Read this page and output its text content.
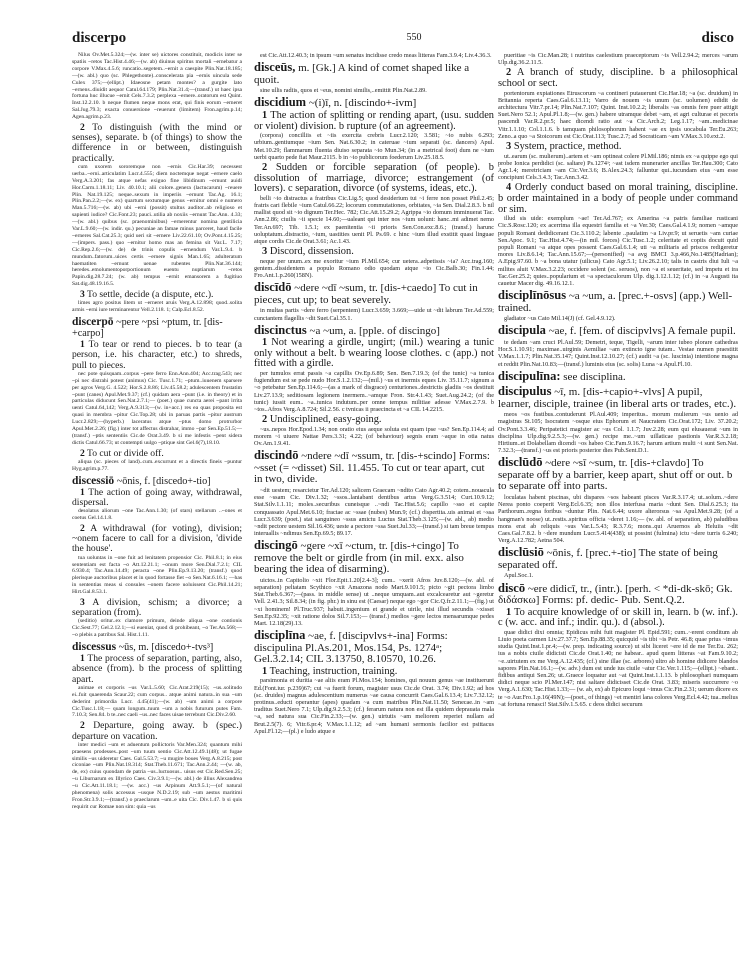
discerpo	550	disco

Nilus Ov.Met.5.324;—(w. inter se) uictores constituit, modicis inter se spatiis ~retos Tac.Hist.4.46;—(w. ab) diuinus spiritus mortali ~ernebatur a corpore V.Max.4.5.6; runcatio..segetem..~ernit a caespite Plin.Nat.18.185; —(w. abl.) quo (sc. Phlegethonte)..conscelerata pia ~ernis uincula sede Culex 375;—(ellipt.) Idaeosne petam montes? a gurgite lato ~ernens..diuidit aequor Catul.64.179; Plin.Nat.31.4;—(transf.) ut haec ipsa fortuna huc illucue ~ernit Cels.7.3.2; perplexa ~ernere..oratorum est Quint. Inst.12.2.10. b neque flumen neque mons erat, qui finis eorum ~erneret Sal.Jug.79.3; exacta conuersione ~reuerunt (limitem) Fron.agrim.p.14; Agen.agrim.p.23.

2 To distinguish (with the mind or senses), separate. b (of things) to show the difference in or between, distinguish practically.

cum uxorem sororemque non ~ernis Cic.Har.39; necessest uerba..~erni..articulatim Lucr.4.555; diem noctemque negat ~ernere caelo Verg.A.3.201; fas atque nefas exiguo fine libidinum ~ernunt auidi Hor.Carm.1.18.11; Liv. 40.10.1; alii colore..genera (lactucarum) ~reuere Plin. Nat.19.125; neque..sexum in imperiis ~ernunt Tac.Ag. 16.1; Plin.Pan.2.2;—(w. ex) quartum sextumque genus ~ernitur omni e numero Man.5.716;—(w. ab) ubi ~erni (possit) stultus auditor..ab religioso et sapienti iudice? Cic.Font.23; pauci..utilia ab noxiis ~ernunt Tac.Ann. 4.33;—(w. abl.) quibus (sc. praenominibus) ~ernerentur nomina gentilicia Var.L.9.60;—(w. indir. qu.) pecuniae an famae minus parceret, haud facile ~erneres Sal.Cat.25.3; quid ueri sit ~ernere Liv.22.61.10; Ov.Pont.4.15.25;—(impers. pass.) quo ~ernitur homo mas an femina sit Var.L. 7.17; Cic.Rep.2.6;—(w. de) de trinis copulis ~ernendum Var.L.9.4. b mundum..fatorum..uices certis ~ernere signis Man.1.65; adulteratum haematiten ~ernunt uenae rubentes Plin.Nat.36.144; heredes..emolumentoporportionum euentu nuptiarum ~retos Papin.dig.28.7.24; (w. ab) tempus ~ernit emansorem a fugitiuo Sat.dig.48.19.16.5.

3 To settle, decide (a dispute, etc.).

limes agro positus litem ut ~erneret aruis Verg.A.12.898; quod..solita armis ~erni iure terminarentur Vell.2.118. 1; Calp.Ecl.8.52.

discerpō ~pere ~psi ~ptum, tr. [dis-+carpo]

1 To tear or rend to pieces. b to tear (a person, i.e. his character, etc.) to shreds, pull to pieces.

nec pote quisquam..corpus ~pere ferro Enn.Ann.404; Acc.trag.543; nec ~pi nec distrahi potest (animus) Cic. Tusc.1.71; ~ptum..iuuenem sparsere per agros Verg.G. 4.522; Hor.S.2.8.86; Liv.45.58.2; adulescentem frustatim ~punt (canes) Apul.Met.9.37; (cf.) quidam aera ~punt (i.e. in theory) et in particulas diducunt Sen.Nat.2.7.1;— (poet.) quae cuncta aerei ~pant irrita uenti Catul.64,142; Verg.A.9.313;—(w. in+acc.) res ea quas proposita est quasi in membra ~pitur Cic.Top.28; ubi in paruas partis ~pitur austrum Lucr.2.829;—(hyperb.) laceratus atque ~ptus domo protrurbor Apul.Met.2.26; (fig.) inter tot affectus distrahar, immo ~par Sen.Ep.51.5;—(transf.) ~ptis sententiis Cic.de Orat.3.49. b si me infestis ~pent sidera dictis Catul.66.73; ut contempti uulgo ~ptique sint Gel.6(7),18.10.

2 To cut or divide off.

aliqua (sc. pieces of land)..cum..excurrunt et a directis fineis ~puntur Hyg.agrim.p.77.

discessiō ~ōnis, f. [discedo+-tio]

1 The action of going away, withdrawal, dispersal.

desolatus aliorum ~one Tac.Ann.1.30; (of stars) stellarum ..~ones et coetus Gel.14.1.8.

2 A withdrawal (for voting), division; ~onem facere to call for a division, 'divide the house'.

tua uoluntas in ~one fuit ad lenitatem propensior Cic. Phil.8.1; in eius sententiam est facta ~o Att.12.21.1; ~onum more Sen.Dial.7.2.1; CIL 6.930.4; Tac.Ann.14.49; peracta ~one Plin.Ep.9.13.20; (transf.) quod plerisque auctoribus placet et in quod fortasse fiet ~o Sen.Nat.6.16.1; —has in sententias meas si consules ~onem facere uoluissent Cic.Phil.14.21; Hirt.Gal.8.53.1.

3 A division, schism; a divorce; a separation (from).

(seditio) oritur..ex clamore primum, deinde aliqua ~one contionis Cic.Sest.77; Gel.2.12.1;—si eueniat, quod di prohibeant, ~o Ter.An.568;—~o plebis a patribus Sal. Hist.1.11.

discessus ~ūs, m. [discedo+-tvs³]

1 The process of separation, parting, also, absence (from). b the process of splitting apart.

animae et corporis ~us Var.L.5.60; Cic.Arat.219(15); ~us..solitudo ei..fuit quaerenda Scaur.22; cum corpus.. atque animi natura..in sua ~um dederint primordia Lucr. 4.45(41);—(w. ab) ~um animi a corpore Cic.Tusc.1.18;— quam longum..tuum ~um a nobis futurum putes Fam. 7.10.3; Sen.84. b te..nec caeli ~us..nec faces uisae terrebunt Cic.Div.2.60.

2 Departure, going away. b (spec.) departure on vacation.

inter medici ~um et aduentum pollictoris Var.Men.324; quantum mihi praesens prodesses..post ~um tuum sentio Cic.Att.12.49.1(48); ut fugae similis ~us uideretur Caes. Gal.5.53.7; ~u mugire boues Verg.A.8.215; post ciconiae ~um Plin.Nat.18.314; Stat.Theb.11.671; Tac.Ann.2.44; —(w. ab, de, ex) cuius quondam de patria ~us..luctuosus.. uisus est Cic.Red.Sen.25; ~u Liburnarum ex Illyrico Caes. Civ.3.9.1;—(w. abl.) de illius Alexandrea ~u Cic.Att.11.18.1; —(w. acc.) ~us Arpinum Att.9.5.1;—(of natural phenomena) solis accessus ~usque N.D.2.19; sub ~um aestus maritimi Fron.Str.3.9.1;—(transf.) o praeclarum ~um..e uita Cic. Div.1.47. b si quis requirit cur Romae non sim: quia ~us

est Cic.Att.12.40.3; in ipsum ~um senatus incidisse credo meas litteras Fam.3.9.4; Liv.4.36.3.

disceūs, m. [Gk.] A kind of comet shaped like a quoit.

sine ullis radiis, quos et ~eus, nomini similis,..emittit Plin.Nat.2.89.

discidium ~(i)ī, n. [discindo+-ivm]

1 The action of splitting or rending apart, (usu. sudden or violent) division. b rupture (of an agreement).

(corpora) concilliis et ~iis exercita crebris Lucr.2.120; 3.581; ~io nubis 6.293; urbium..gentiumque ~ium Sen. Nat.6.30.2; in cateruae ~ium separati (sc. dancers) Apul. Met.10.29; flammarum fluenta diuiso separata ~io Mun.34; (in a metrical foot) dum ne ~ium uerbi quarto pede fiat Maur.2115. b in ~io publicorum foederum Liv.25.18.5.

2 Sudden or forcible separation (of people). b dissolution of marriage, divorce; estrangement (of lovers). c separation, divorce (of systems, ideas, etc.).

belli ~io distractus a fratribus Cic.Lig.5; quod desiderium tui ~i ferre non posset Phil.2.45; fratris cari flebile ~ium Catul.66.22; locorum commutationes, orbitates, ~ia Sen. Dial.2.8.3. b nil mallist quod sit ~io dignum Ter.Hec. 782; Cic.Att.15.29.2; Agrippa ~io domum imminuerat Tac. Ann.2.86; ciuilis ~ii specie 14.60;—ualeant qui inter nos ~ium uolunt: hanc..mi adimet nemo Ter.An.697; Tib. 1.5.1; ex paenitentia ~ii prioris Sen.Con.exc.8.6.; (transf.) harunc uoluptatum..distractio, ~ium, uastities uenit Pl. Ps.69. c hinc ~ium illud exstitit quasi linguae atque cordis Cic.de Orat.3.61; Ac.1.43.

3 Discord, dissension.

neque per unum..ex me exoritur ~ium Pl.Mil.654; cur uetera..adpetissis ~ia? Acc.trag.160; gentem..dissidentem a populo Romano odio quodam atque ~io Cic.Balb.30; Fin.1.44; Fro.Ant.1.p.260(158N).

discīdō ~dere ~dī ~sum, tr. [dis-+caedo] To cut in pieces, cut up; to beat severely.

in multas partis ~dere ferro (serpentem) Lucr.3.659; 3.669;—uide ut ~dit labrum Ter.Ad.559; cunctantem flagellis ~dit Suet.Cal.35.1.

discinctus ~a ~um, a. [pple. of discingo]

1 Not wearing a girdle, ungirt; (mil.) wearing a tunic only without a belt. b wearing loose clothes. c (app.) not fitted with a girdle.

per tumulos errat passis ~a capillis Ov.Ep.6.89; Sen. Ben.7.19.3; (of the tunic) ~a tunica fugiendum est se pede nudo Hor.S.1.2.132;—(mil.) ~us et inermis eques Liv. 35.11.7; signum a ~o petebatur Sen.Ep.114.6;—(as a mark of disgrace) centuriones..destrictis gladiis ~os destituit Liv.27.13.9; seditiosam legionem inermem..~amque Fron. Str.4.1.43; Suet.Aug.24.2; (of the tunic) iussit eum.. ~a..tunica indutum..per omne tempus militiae adesse V.Max.2.7.9. b ~tos..Afros Verg.A.8.724; Sil.2.56. c tvnicas ii praecincta et ~a CIL 14.2215.

2 Undisciplined, easy-going.

~us..nepos Hor.Epod.1.34; non oratio eius aeque soluta est quam ipse ~us? Sen.Ep.114.4; ad morem ~i uiuere Nattae Pers.3.31; 4.22; (of behaviour) segnis eram ~aque in otia natus Ov.Am.1.9.41.

discindō ~ndere ~dī ~ssum, tr. [dis-+scindo] Forms: ~sset (= ~disset) Sil. 11.455. To cut or tear apart, cut in two, divide.

~dit uestem; resarcietur Ter.Ad.120; salicem Graecam ~ndito Cato Agr.40.2; cotem..nouacula esse ~ssam Cic. Div.1.32; ~ssos..laniabant dentibus artus Verg.G.3.514; Curt.10.9.12; Stat.Silv.1.1.11; moles..securibus cuneisque ..~ndi Tac.Hist.5.6; capillo ~sso et capite conquassato Apul.Met.6.10; fractae ac ~ssae (nubes) Mun.9; (cf.) dispertita..uis animai et ~ssa Lucr.3.639; (poet.) stat sanguineo ~ssus amictu Luctus Stat.Theb.3.125;—(w. abl., ab) medio ~ndit pectore uestem Sil.16.436; ueste a pectore ~ssa Suet.Jul.33;—(transf.) si tam breue tempus interuallis ~ndimus Sen.Ep.69.5; 89.17.

discingō ~gere ~xī ~ctum, tr. [dis-+cingo] To remove the belt or girdle from (in mil. exx. also bearing the idea of disarming).

uictos..in Capitolio ~xit Flor.Epit.1.20[2.4-3]; cum.. ~xerit Afros Juv.8.120;—(w. abl. of separation) peltatam Scythico ~xit Amazona nodo Mart.9.101.5; picto ~git pectora limbo Stat.Theb.6.367;—(pass. in middle sense) ut ..neque umquam..aut excalcearetur aut ~geretur Vell. 2.41.3; Sil.8.34; (in fig. phr.) in sinu est (Caesar) neque ego ~gor Cic.Q.fr.2.11.1;—(fig.) ut ~xi hominem! Pl.Truc.937; habuit..ingenium et grande et uirile, nisi illud secundis ~xisset Sen.Ep.92.35; ~xit ratione dolos Sil.7.153;— (transf.) medios ~gere lectos mensarumque pedes Mart. 12.18(29).13.

disciplīna ~ae, f. [discipvlvs+-ina] Forms: discipulina Pl.As.201, Mos.154, Ps. 1274ᵃ; Gel.3.2.14; CIL 3.13750, 8.10570, 10.26.

1 Teaching, instruction, training.

parsimonia et duritia ~ae aliis eram Pl.Mos.154; homines, qui nouum genus ~ae instituerunt Ed.(Font.iur. p.239)67; cui ~a fuerit forum, magister usus Cic.de Orat. 3.74; Div.1.92; ad hos (sc. druides) magnus adulescentium numerus ~ae causa concurrit Caes.Gal.6.13.4; Liv.7.32.12; protinus..educti operantur (apes) quadam ~a cum matribus Plin.Nat.11.50; Senecae..in ~am traditus Suet.Nero 7.1; Ulp.dig.9.2.5.3; (cf.) ferarum natura non est illa quidem deprauata mala ~a, sed natura sua Cic.Fin.2.33;—(w. gen.) uirtutis ~am meliorem reperiet nullam ad Brut.2.5(7). 6; Vitr.6.pr.4; V.Max.1.1.12; ad ~am humani sermonis facilior est psittacus Apul.Fl.12;—(pl.) e ludo atque e

pueritiae ~is Cic.Man.28; i nutritus caelestium praeceptorum ~is Vell.2.94.2; merces ~arum Ulp.dig.36.2.11.5.

2 A branch of study, discipline. b a philosophical school or sect.

portentorum expiationes Etruscorum ~a contineri putauerunt Cic.Har.18; ~a (sc. druidum) in Britannia reperta Caes.Gal.6.13.11; Varro de nouem ~is unum (sc. uolumen) edidit de architectura Vitr.7.pr.14; Plin.Nat.7.107; Quint. Inst.10.2.2; liberalis ~as omnis fere puer attigit Suet.Nero 52.1; Apul.Pl.1.8;—(w. gen.) habere utramque debet ~am, et agri culturae et pecoris pascendi Var.R.2.pr.5; haec dicendi ratio aut ~a Cic.Arch.2; Leg.1.17; ~am..medicinae Vitr.1.1.10; Col.1.1.6. b tamquam philosophorum habent ~ae ex ipsis uocabula Ter.Eu.263; Zeno..a quo ~a Stoicorum est Cic.Orat.113; Tusc.2.7; ad Socraticam ~am V.Max.3.10.ext.2.

3 System, practice, method.

ut..earum (sc. mulierum)..artem et ~am optineat colere Pl.Mil.186; nimis ex ~a quippe ego qui probe Ionica perdidici (sc. saltare) Ps.1274ᵃ; ~ast isdem munerarier ancillas Ter.Hau.300; Cato Agr.1.4; meretriciam ~am Cic.Ver.3.6; B.Alex.24.3; falluntur qui..iucundam eius ~am esse concipiunt Cels.3.4.3; Tac.Ann.3.42.

4 Orderly conduct based on moral training, discipline. b order maintained in a body of people under command or sim.

illud sis uide: exemplum ~ae! Ter.Ad.767; ex Amerina ~a patris familiae rusticani Cic.S.Rosc.120; ex acerrima illa equestri familia et ~a Ver.30; Caes.Gal.4.1.9; nomen ~amque populi Romani dedidicerant Cic.3.110.2; labente ..paulatim ~a Liv.pr.9; ut seruetis ~am curiae Sen.Apoc. 9.1; Tac.Hist.4.74;—(in mil. forces) Cic.Tusc.1.2; celeritate et copiis docuit quid populi Romani ~a atque opes possent Caes.Gal.6.1.4; uti ~a militaris ad priscos redigeretur mores Liv.8.6.14; Tac.Ann.15.67;—(personified) ~a avg BMCI 3.p.466,No.1485(Hadrian); A.Epig.97.60. b ~a bona utatur (uilicus) Cato Agr.5.1; Liv.26.2.10; talis in castris diui Iuli ~a milites aluit V.Max.3.2.23; occidere solent (sc. seruos), non ~a et seueritate, sed impetu et ira Tac.Ger.25.2; quies..popularium et ~a spectaculorum Ulp. dig.1.12.1.12; (cf.) in ~a Augusti ita cauetur Macer dig. 49.16.12.1.

disciplīnōsus ~a ~um, a. [prec.+-osvs] (app.) Well-trained.

gladiator ~us Cato Mil.14(J) (cf. Gel.4.9.12).

discipula ~ae, f. [fem. of discipvlvs] A female pupil.

te dedam ~am cruci Pl.Aul.59; Demetri, teque, Tigelli, ~arum inter iubeo plorare cathedras Hor.S.1.10.91; maximae..uirginis Aemiliae ~am extincto igne tutam.. Vestae numen praestitit V.Max.1.1.7; Plin.Nat.35.147; Quint.Inst.12.10.27; (cf.) audit ~a (sc. luscinia) intentione magna et reddit Plin.Nat.10.83;—(transf.) luminis eius (sc. solis) Luna ~a Apul.Fl.10.

discipulīna: see disciplina.

discipulus ~ī, m. [dis-+capio+-vlvs] A pupil, learner, disciple, trainee (in liberal arts or trades, etc.).

meos ~os fustibus..contuderunt Pl.Aul.409; imperitus.. morum mulierum ~us uenio ad magistras St.105; Isocratem ~osque eius Ephorum et Naucratem Cic.Orat.172; Liv. 37.20.2; Ov.Pont.3.3.46; Peripatetici magister ac ~us Col. 1.1.7; Juv.2.28; eum qui elusauerat ~um in disciplina Ulp.dig.9.2.5.3;—(w. gen.) recipe me..~um uillaticae pastionis Var.R.3.2.18; Hirtium..et Dolabellam dicendi ~os habeo Cic.Fam.9.16.7; harum artium multi ~i sunt Sen.Nat. 7.32.3;—(transf.) ~us est prioris posterior dies Pub.Sent.D.1.

disclūdō ~dere ~sī ~sum, tr. [dis-+clavdo] To separate off by a barrier, keep apart, shut off or out. b to separate off into parts.

loculatas habent piscinas, ubi dispares ~sos habeant pisces Var.R.3.17.4; ut..solum..~dere Nerea ponto coeperit Verg.Ecl.6.35; non illos interfusa maria ~dunt Sen. Dial.6.25.3; ita Parthorum..regna foribus ~duntur Plin. Nat.6.44; uxore alterorsus ~sa Apul.Met.9.28; (of a hangman's noose) ut..restis..spiritus officia ~deret 1.16;— (w. abl. of separation, ab) paludibus mons erat ab reliquis ~sus Var.L.5.43; R.3.7.6; mons..qui Aruernos ab Heluiis ~dit Caes.Gal.7.8.2. b ~dere mundum Lucr.5.414(438); ut possint (fulmina) ictu ~dere turris 6.240; Verg.A.12.782; Aetna 504.

disclūsiō ~ōnis, f. [prec.+-tio] The state of being separated off.

Apul.Soc.1.

discō ~ere didicī, tr., (intr.). [perh. < *di-dk-skō; Gk. διδάσκω] Forms: pf. dedic- Pub. Sent.Q.2.

1 To acquire knowledge of or skill in, learn. b (w. inf.). c (w. acc. and inf.; indir. qu.). d (absol.).

quae didici dixi omnia; Epidicus mihi fuit magister Pl. Epid.591; cum..~erent conditum ab Liuio poeta carmen Liv.27.37.7; Sen.Ep.88.35; quicquid ~is tibi ~is Petr. 46.8; quae prius ~imus studia Quint.Inst.1.pr.4;—(w. prep. indicating source) ut sibi liceret ~ere id de me Ter.Eu. 262; ius a nobis ciuile didicisti Cic.de Orat.1.40; ne habear.. apud quem litteras ~at Fam.9.10.2; ~e..uirtutem ex me Verg.A.12.435; (cf.) sine illae (sc. arbores) ultro ab homine didicere blandos sapores Plin.Nat.16.1;—(w. adv.) dum est unde ius ciuile ~atur Cic.Ver.1.115;—(ellipt.) ~ebant.. fidibus antiqui Sen.26; ut..Graece loquatur aut ~at Quint.Inst.1.1.13. b philosophari numquam didici neque scio Pl.Mer.147; nisi saltare didicisset Cic.de Orat. 3.83; miseris succurrere ~o Verg.A.1.630; Tac.Hist.1.33;— (w. ab, ex) ab Epicuro loqui ~imus Cic.Fin.2.31; uerum dicere ex te ~o Aur.Fro.1.p.16(49N);—(poet., of things) ~et mentiri lana colores Verg.Ecl.4.42; tua..melius ~at fortuna renasci! Stat.Silv.1.5.65. c deos didici securum
